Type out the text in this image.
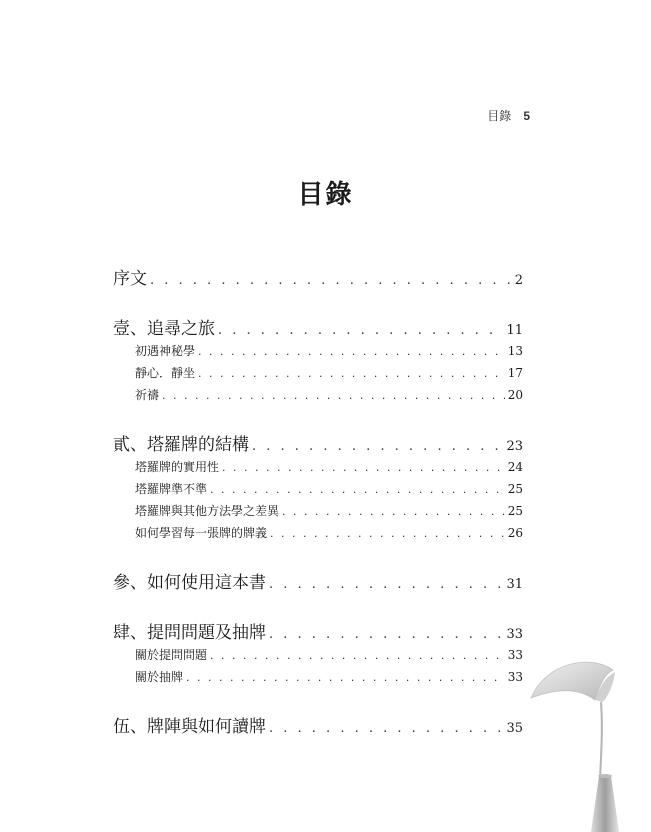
目錄 5
目錄
序文 . . .	2
壹、追尋之旅 . . .	11
初遇神秘學 . . .	13
靜心．靜坐 . . .	17
祈禱 . . .	20
貳、塔羅牌的結構 . . .	23
塔羅牌的實用性 . . .	24
塔羅牌準不準 . . .	25
塔羅牌與其他方法學之差異 . . .	25
如何學習每一張牌的牌義 . . .	26
參、如何使用這本書 . . .	31
肆、提問問題及抽牌 . . .	33
關於提問問題 . . .	33
關於抽牌 . . .	33
伍、牌陣與如何讀牌 . . .	35
